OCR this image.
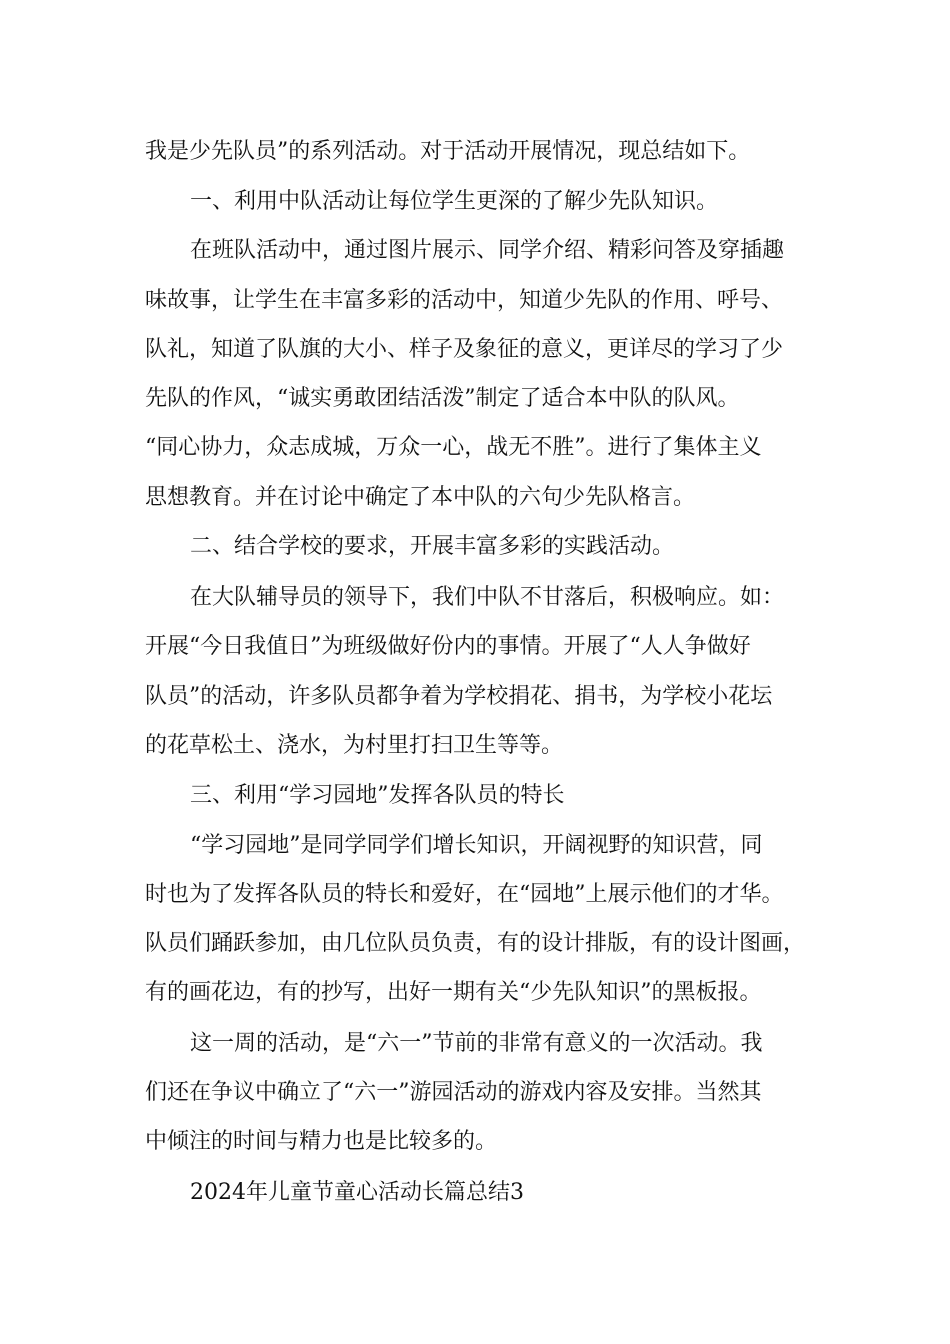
我是少先队员”的系列活动。对于活动开展情况，现总结如下。
一、利用中队活动让每位学生更深的了解少先队知识。
在班队活动中，通过图片展示、同学介绍、精彩问答及穿插趣
味故事，让学生在丰富多彩的活动中，知道少先队的作用、呼号、
队礼，知道了队旗的大小、样子及象征的意义，更详尽的学习了少
先队的作风，“诚实勇敢团结活泼”制定了适合本中队的队风。
“同心协力，众志成城，万众一心，战无不胜”。进行了集体主义
思想教育。并在讨论中确定了本中队的六句少先队格言。
二、结合学校的要求，开展丰富多彩的实践活动。
在大队辅导员的领导下，我们中队不甘落后，积极响应。如：
开展“今日我值日”为班级做好份内的事情。开展了“人人争做好
队员”的活动，许多队员都争着为学校捐花、捐书，为学校小花坛
的花草松土、浇水，为村里打扫卫生等等。
三、利用“学习园地”发挥各队员的特长
“学习园地”是同学同学们增长知识，开阔视野的知识营，同
时也为了发挥各队员的特长和爱好，在“园地”上展示他们的才华。
队员们踊跃参加，由几位队员负责，有的设计排版，有的设计图画，
有的画花边，有的抄写，出好一期有关“少先队知识”的黑板报。
这一周的活动，是“六一”节前的非常有意义的一次活动。我
们还在争议中确立了“六一”游园活动的游戏内容及安排。当然其
中倾注的时间与精力也是比较多的。
2024年儿童节童心活动长篇总结3
